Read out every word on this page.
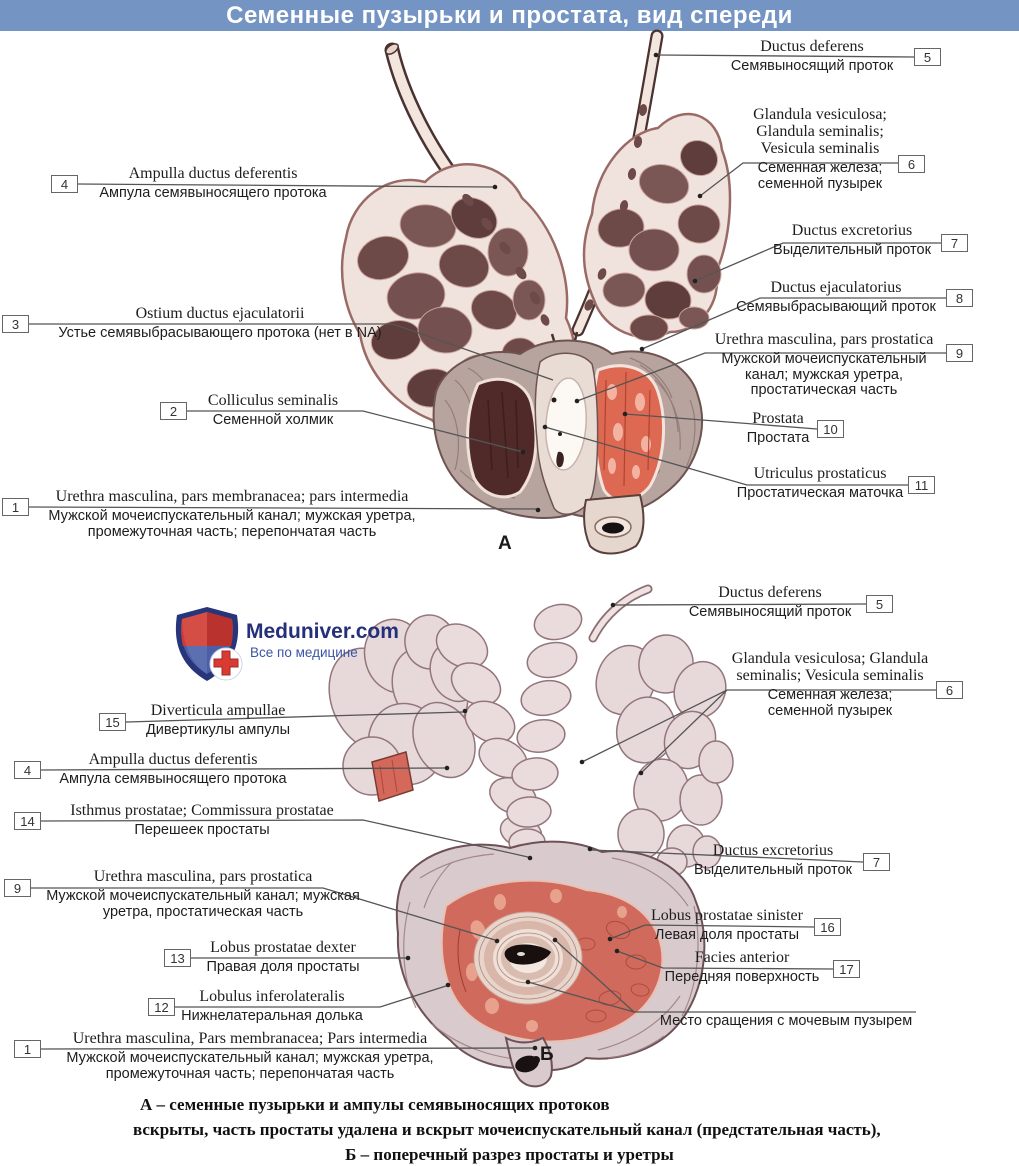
Семенные пузырьки и простата, вид спереди
Meduniver.com
Все по медицине
А
Б
4
Ampulla ductus deferentis
Ампула семявыносящего протока
3
Ostium ductus ejaculatorii
Устье семявыбрасывающего протока (нет в NA)
2
Colliculus seminalis
Семенной холмик
1
Urethra masculina, pars membranacea; pars intermedia
Мужской мочеиспускательный канал; мужская уретра,
промежуточная часть; перепончатая часть
5
Ductus deferens
Семявыносящий проток
6
Glandula vesiculosa;
Glandula seminalis;
Vesicula seminalis
Семенная железа;
семенной пузырек
7
Ductus excretorius
Выделительный проток
8
Ductus ejaculatorius
Семявыбрасывающий проток
9
Urethra masculina, pars prostatica
Мужской мочеиспускательный
канал; мужская уретра,
простатическая часть
10
Prostata
Простата
11
Utriculus prostaticus
Простатическая маточка
15
Diverticula ampullae
Дивертикулы ампулы
4
Ampulla ductus deferentis
Ампула семявыносящего протока
14
Isthmus prostatae; Commissura prostatae
Перешеек простаты
9
Urethra masculina, pars prostatica
Мужской мочеиспускательный канал; мужская
уретра, простатическая часть
13
Lobus prostatae dexter
Правая доля простаты
12
Lobulus inferolateralis
Нижнелатеральная долька
1
Urethra masculina, Pars membranacea; Pars intermedia
Мужской мочеиспускательный канал; мужская уретра,
промежуточная часть; перепончатая часть
5
Ductus deferens
Семявыносящий проток
6
Glandula vesiculosa; Glandula
seminalis; Vesicula seminalis
Семенная железа;
семенной пузырек
7
Ductus excretorius
Выделительный проток
16
Lobus prostatae sinister
Левая доля простаты
17
Facies anterior
Передняя поверхность
Место сращения с мочевым пузырем
А – семенные пузырьки и ампулы семявыносящих протоков
вскрыты, часть простаты удалена и вскрыт мочеиспускательный канал (предстательная часть),
Б – поперечный разрез простаты и уретры
